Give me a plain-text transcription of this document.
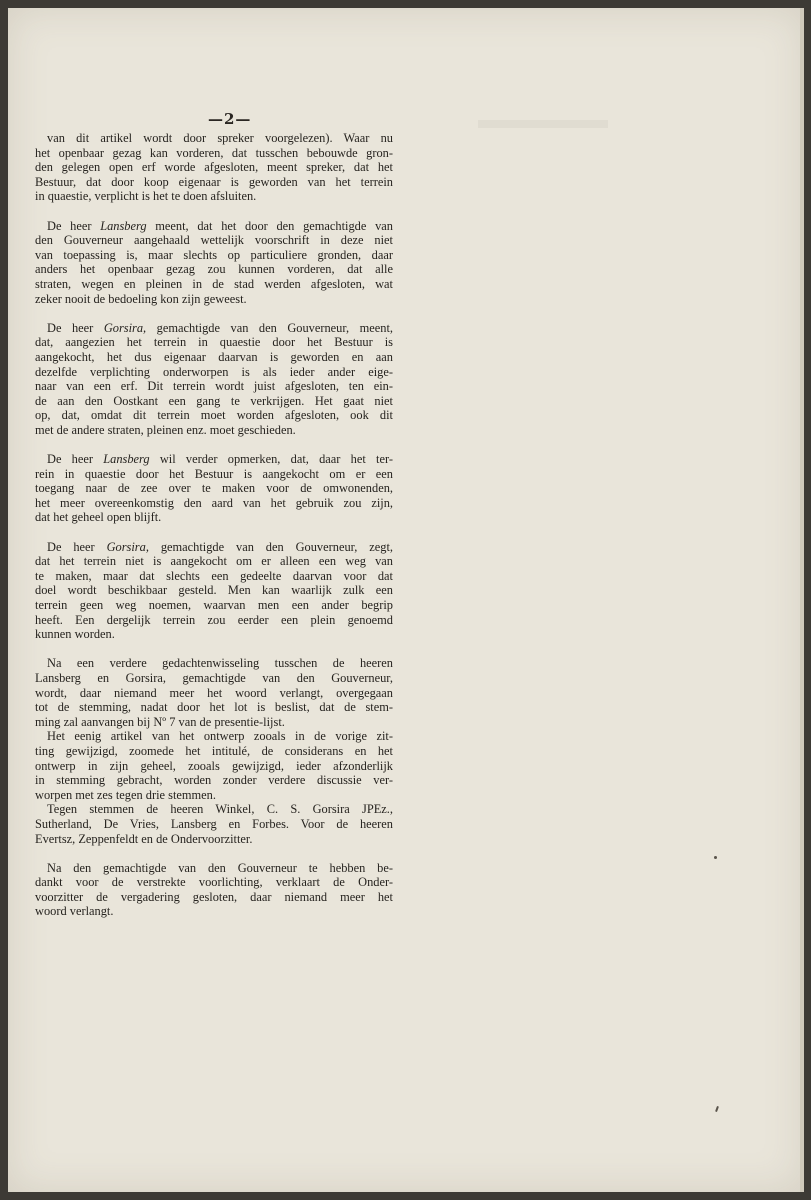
—2—
van dit artikel wordt door spreker voorgelezen). Waar nu
het openbaar gezag kan vorderen, dat tusschen bebouwde gron-
den gelegen open erf worde afgesloten, meent spreker, dat het
Bestuur, dat door koop eigenaar is geworden van het terrein
in quaestie, verplicht is het te doen afsluiten.
De heer Lansberg meent, dat het door den gemachtigde van
den Gouverneur aangehaald wettelijk voorschrift in deze niet
van toepassing is, maar slechts op particuliere gronden, daar
anders het openbaar gezag zou kunnen vorderen, dat alle
straten, wegen en pleinen in de stad werden afgesloten, wat
zeker nooit de bedoeling kon zijn geweest.
De heer Gorsira, gemachtigde van den Gouverneur, meent,
dat, aangezien het terrein in quaestie door het Bestuur is
aangekocht, het dus eigenaar daarvan is geworden en aan
dezelfde verplichting onderworpen is als ieder ander eige-
naar van een erf. Dit terrein wordt juist afgesloten, ten ein-
de aan den Oostkant een gang te verkrijgen. Het gaat niet
op, dat, omdat dit terrein moet worden afgesloten, ook dit
met de andere straten, pleinen enz. moet geschieden.
De heer Lansberg wil verder opmerken, dat, daar het ter-
rein in quaestie door het Bestuur is aangekocht om er een
toegang naar de zee over te maken voor de omwonenden,
het meer overeenkomstig den aard van het gebruik zou zijn,
dat het geheel open blijft.
De heer Gorsira, gemachtigde van den Gouverneur, zegt,
dat het terrein niet is aangekocht om er alleen een weg van
te maken, maar dat slechts een gedeelte daarvan voor dat
doel wordt beschikbaar gesteld. Men kan waarlijk zulk een
terrein geen weg noemen, waarvan men een ander begrip
heeft. Een dergelijk terrein zou eerder een plein genoemd
kunnen worden.
Na een verdere gedachtenwisseling tusschen de heeren
Lansberg en Gorsira, gemachtigde van den Gouverneur,
wordt, daar niemand meer het woord verlangt, overgegaan
tot de stemming, nadat door het lot is beslist, dat de stem-
ming zal aanvangen bij Nº 7 van de presentie-lijst.
Het eenig artikel van het ontwerp zooals in de vorige zit-
ting gewijzigd, zoomede het intitulé, de considerans en het
ontwerp in zijn geheel, zooals gewijzigd, ieder afzonderlijk
in stemming gebracht, worden zonder verdere discussie ver-
worpen met zes tegen drie stemmen.
Tegen stemmen de heeren Winkel, C. S. Gorsira JPEz.,
Sutherland, De Vries, Lansberg en Forbes. Voor de heeren
Evertsz, Zeppenfeldt en de Ondervoorzitter.
Na den gemachtigde van den Gouverneur te hebben be-
dankt voor de verstrekte voorlichting, verklaart de Onder-
voorzitter de vergadering gesloten, daar niemand meer het
woord verlangt.
